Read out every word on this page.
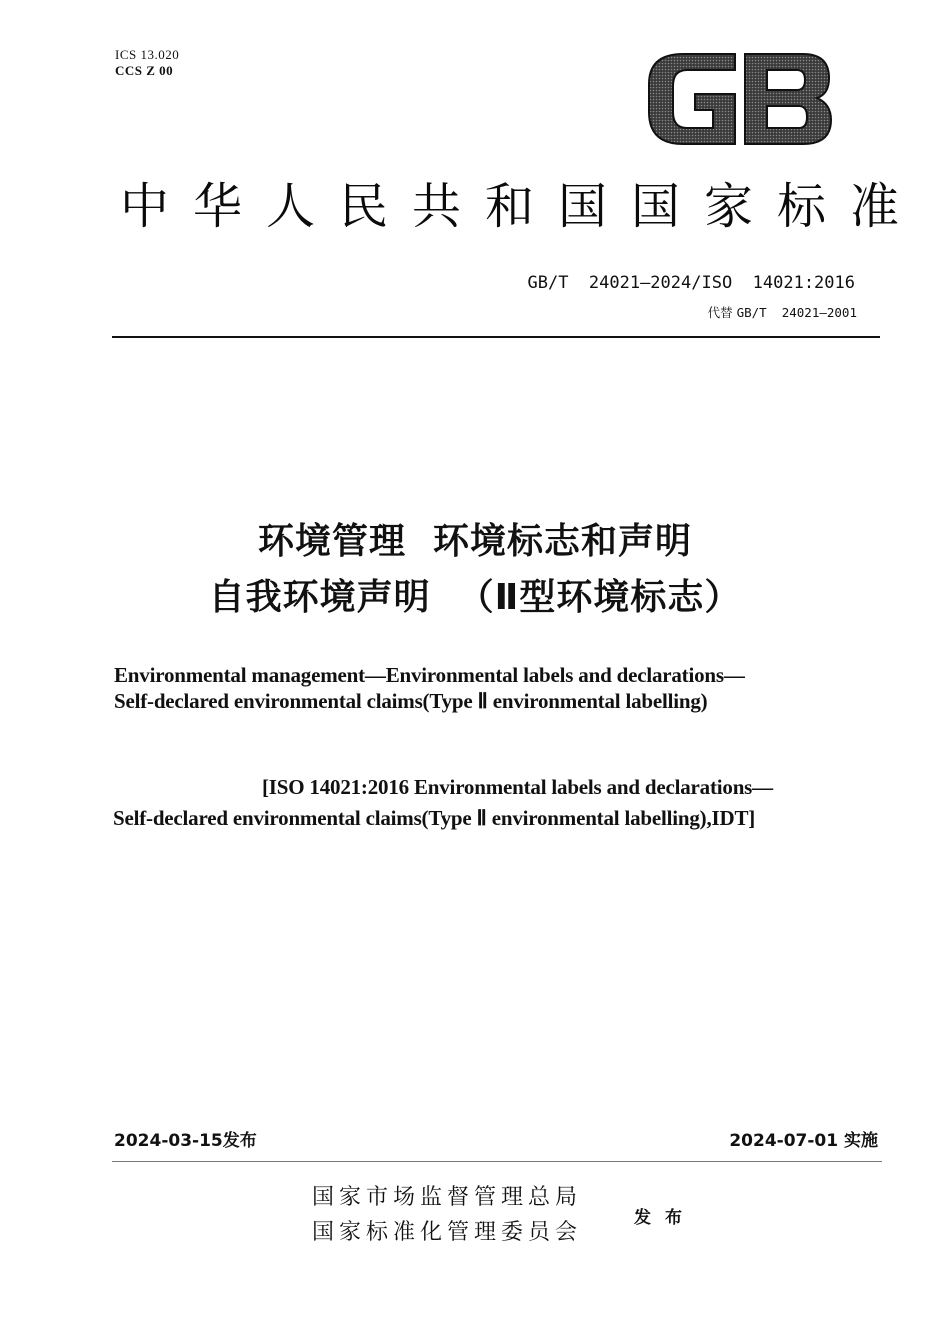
ICS 13.020
CCS Z 00
中华人民共和国国家标准
GB/T  24021—2024/ISO  14021:2016
代替 GB/T  24021—2001
环境管理  环境标志和声明
自我环境声明  （Ⅱ型环境标志）
Environmental management—Environmental labels and declarations—
Self-declared environmental claims(Type Ⅱ environmental labelling)
[ISO 14021:2016 Environmental labels and declarations—
Self-declared environmental claims(Type Ⅱ environmental labelling),IDT]
2024-03-15发布	2024-07-01 实施
国家市场监督管理总局
国家标准化管理委员会
发布
